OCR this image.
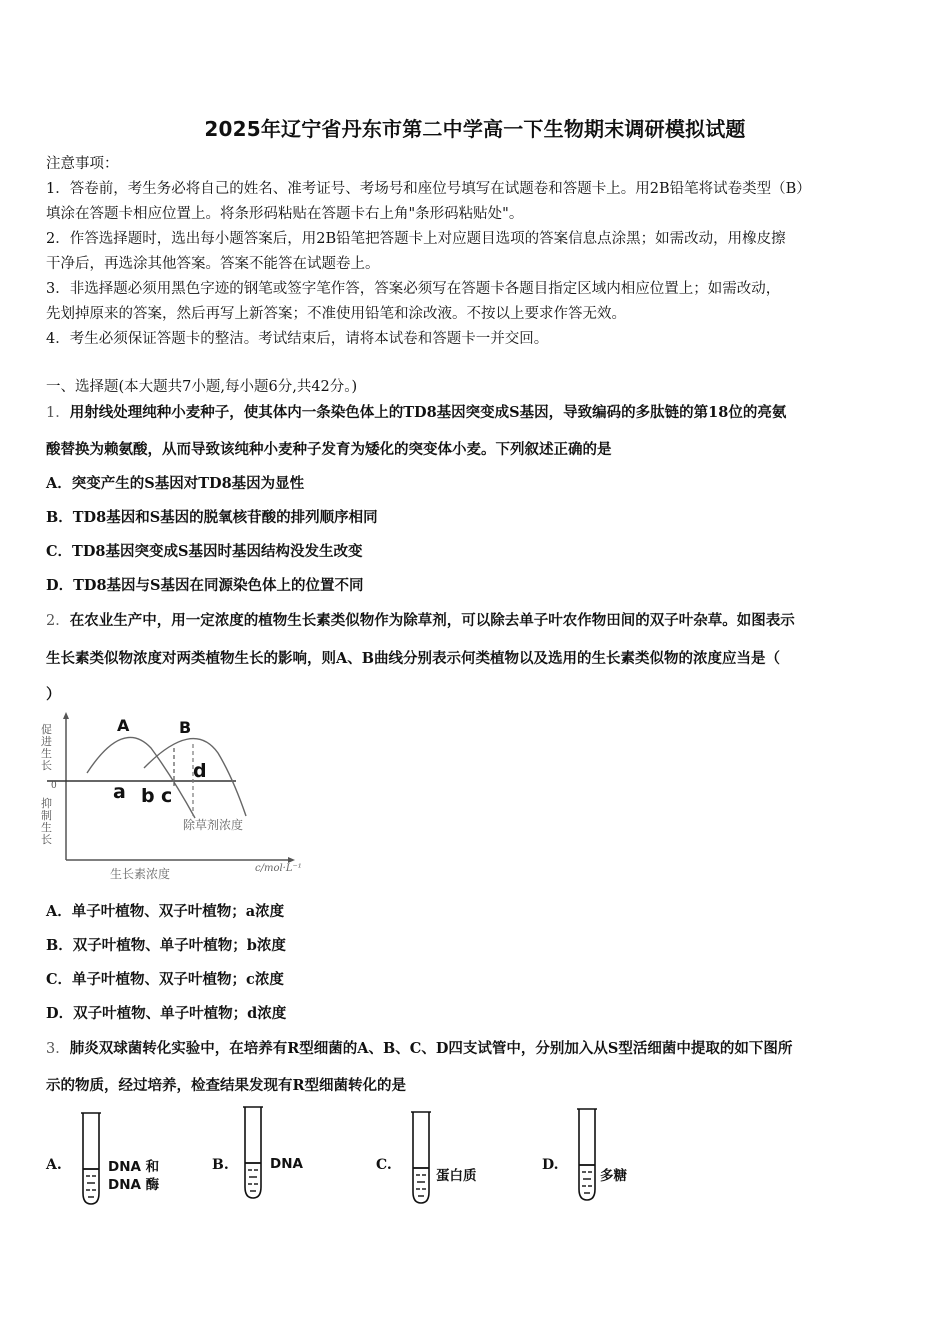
2025年辽宁省丹东市第二中学高一下生物期末调研模拟试题
注意事项：
1．答卷前，考生务必将自己的姓名、准考证号、考场号和座位号填写在试题卷和答题卡上。用2B铅笔将试卷类型（B）
填涂在答题卡相应位置上。将条形码粘贴在答题卡右上角"条形码粘贴处"。
2．作答选择题时，选出每小题答案后，用2B铅笔把答题卡上对应题目选项的答案信息点涂黑；如需改动，用橡皮擦
干净后，再选涂其他答案。答案不能答在试题卷上。
3．非选择题必须用黑色字迹的钢笔或签字笔作答，答案必须写在答题卡各题目指定区域内相应位置上；如需改动，
先划掉原来的答案，然后再写上新答案；不准使用铅笔和涂改液。不按以上要求作答无效。
4．考生必须保证答题卡的整洁。考试结束后，请将本试卷和答题卡一并交回。
一、选择题(本大题共7小题,每小题6分,共42分。)
1．用射线处理纯种小麦种子，使其体内一条染色体上的TD8基因突变成S基因，导致编码的多肽链的第18位的亮氨
酸替换为赖氨酸，从而导致该纯种小麦种子发育为矮化的突变体小麦。下列叙述正确的是
A．突变产生的S基因对TD8基因为显性
B．TD8基因和S基因的脱氧核苷酸的排列顺序相同
C．TD8基因突变成S基因时基因结构没发生改变
D．TD8基因与S基因在同源染色体上的位置不同
2．在农业生产中，用一定浓度的植物生长素类似物作为除草剂，可以除去单子叶农作物田间的双子叶杂草。如图表示
生长素类似物浓度对两类植物生长的影响，则A、B曲线分别表示何类植物以及选用的生长素类似物的浓度应当是（
）
A	B
a b c
d
0
促进生长
抑制生长
除草剂浓度
生长素浓度	c/mol·L⁻¹
A．单子叶植物、双子叶植物；a浓度
B．双子叶植物、单子叶植物；b浓度
C．单子叶植物、双子叶植物；c浓度
D．双子叶植物、单子叶植物；d浓度
3．肺炎双球菌转化实验中，在培养有R型细菌的A、B、C、D四支试管中，分别加入从S型活细菌中提取的如下图所
示的物质，经过培养，检查结果发现有R型细菌转化的是
A.	DNA 和
DNA 酶
B.	DNA	C.
蛋白质
D.
多糖
